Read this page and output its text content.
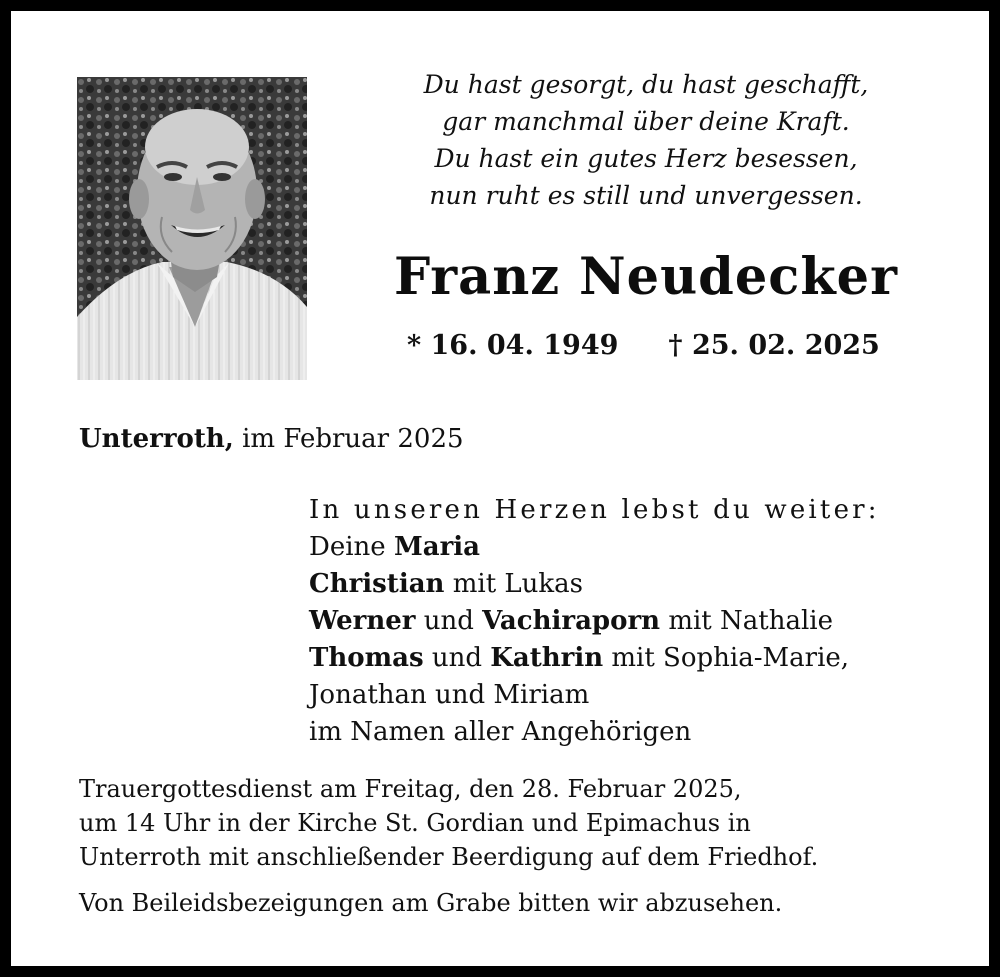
Du hast gesorgt, du hast geschafft,
gar manchmal über deine Kraft.
Du hast ein gutes Herz besessen,
nun ruht es still und unvergessen.
Franz Neudecker
* 16. 04. 1949 † 25. 02. 2025
Unterroth, im Februar 2025
In unseren Herzen lebst du weiter:
Deine Maria
Christian mit Lukas
Werner und Vachiraporn mit Nathalie
Thomas und Kathrin mit Sophia-Marie,
Jonathan und Miriam
im Namen aller Angehörigen
Trauergottesdienst am Freitag, den 28. Februar 2025,
um 14 Uhr in der Kirche St. Gordian und Epimachus in
Unterroth mit anschließender Beerdigung auf dem Friedhof.
Von Beileidsbezeigungen am Grabe bitten wir abzusehen.
